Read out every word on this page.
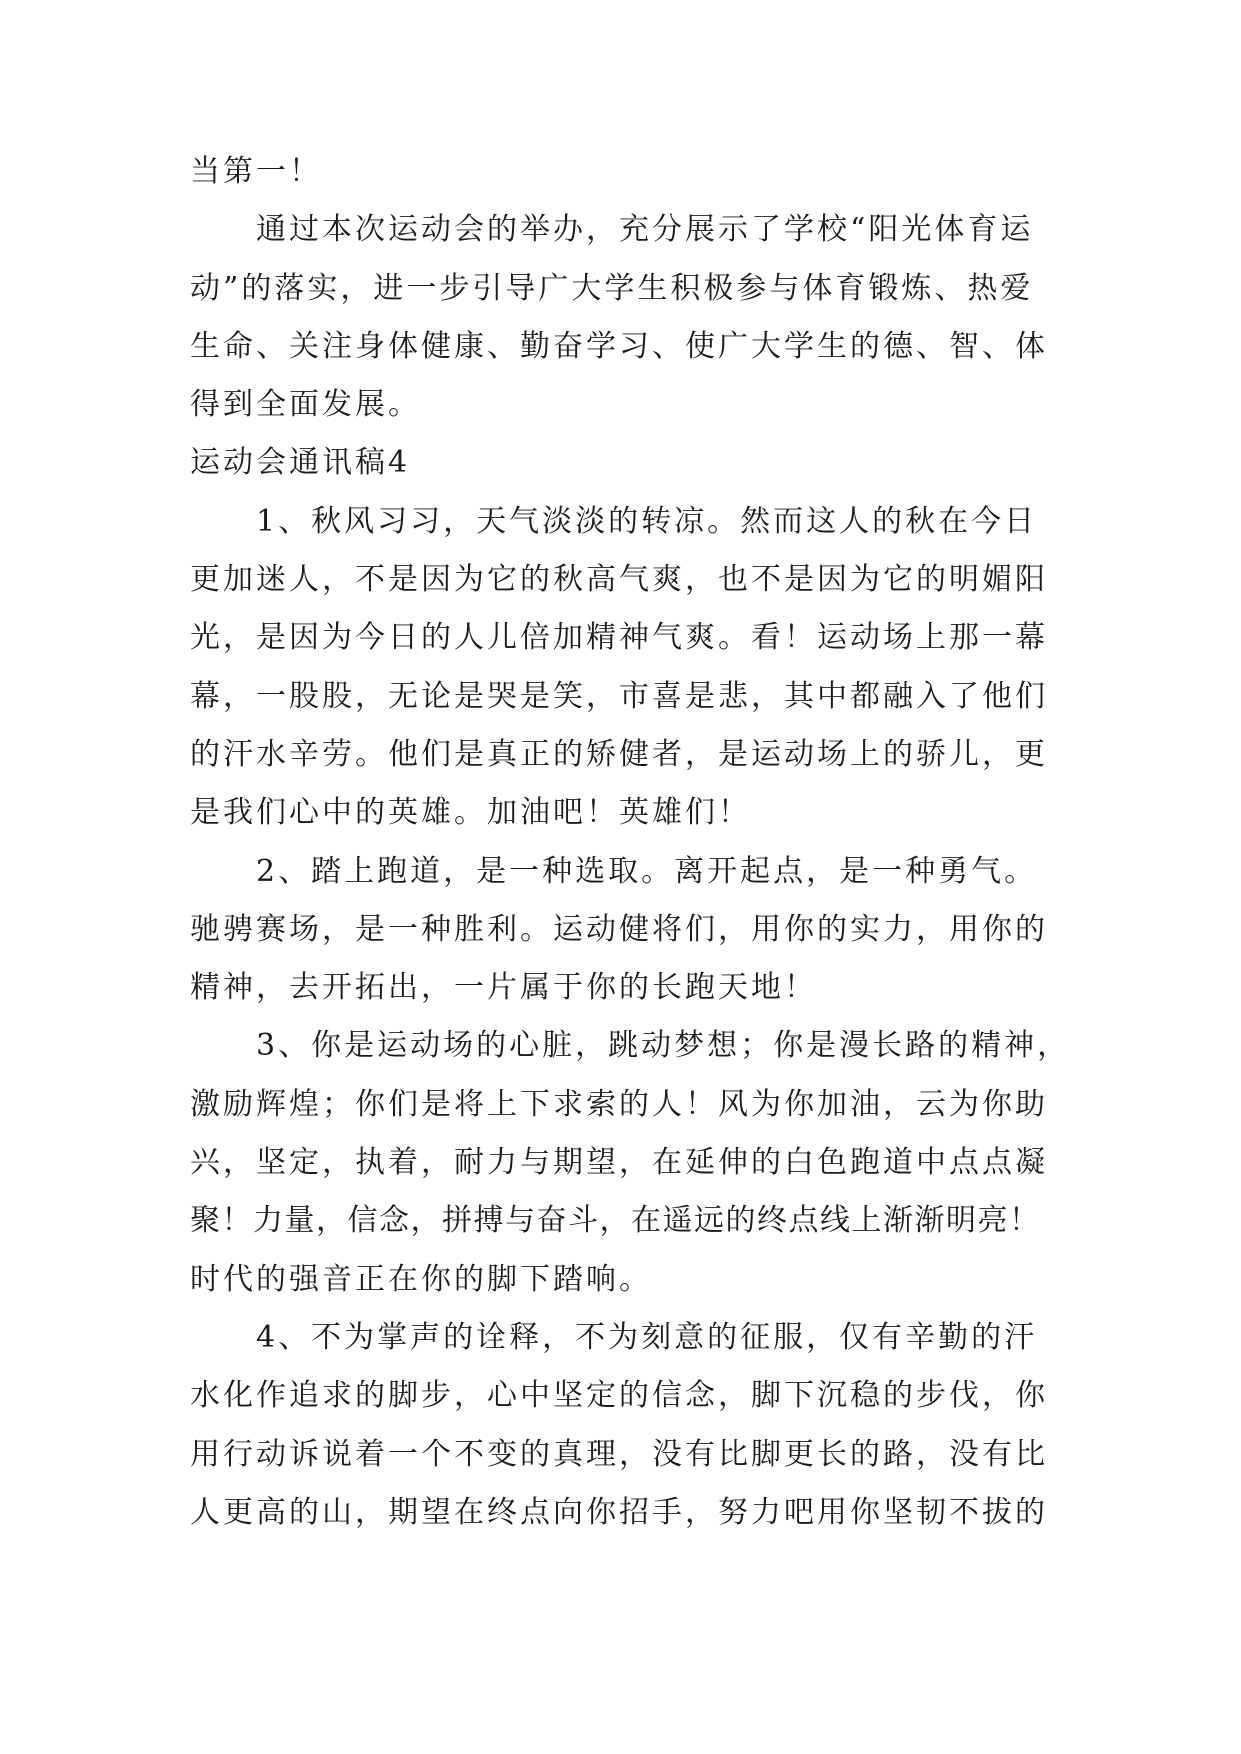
当第一！
通过本次运动会的举办，充分展示了学校“阳光体育运
动”的落实，进一步引导广大学生积极参与体育锻炼、热爱
生命、关注身体健康、勤奋学习、使广大学生的德、智、体
得到全面发展。
运动会通讯稿4
1、秋风习习，天气淡淡的转凉。然而这人的秋在今日
更加迷人，不是因为它的秋高气爽，也不是因为它的明媚阳
光，是因为今日的人儿倍加精神气爽。看！运动场上那一幕
幕，一股股，无论是哭是笑，市喜是悲，其中都融入了他们
的汗水辛劳。他们是真正的矫健者，是运动场上的骄儿，更
是我们心中的英雄。加油吧！英雄们！
2、踏上跑道，是一种选取。离开起点，是一种勇气。
驰骋赛场，是一种胜利。运动健将们，用你的实力，用你的
精神，去开拓出，一片属于你的长跑天地！
3、你是运动场的心脏，跳动梦想；你是漫长路的精神，
激励辉煌；你们是将上下求索的人！风为你加油，云为你助
兴，坚定，执着，耐力与期望，在延伸的白色跑道中点点凝
聚！力量，信念，拼搏与奋斗，在遥远的终点线上渐渐明亮！
时代的强音正在你的脚下踏响。
4、不为掌声的诠释，不为刻意的征服，仅有辛勤的汗
水化作追求的脚步，心中坚定的信念，脚下沉稳的步伐，你
用行动诉说着一个不变的真理，没有比脚更长的路，没有比
人更高的山，期望在终点向你招手，努力吧用你坚韧不拔的
